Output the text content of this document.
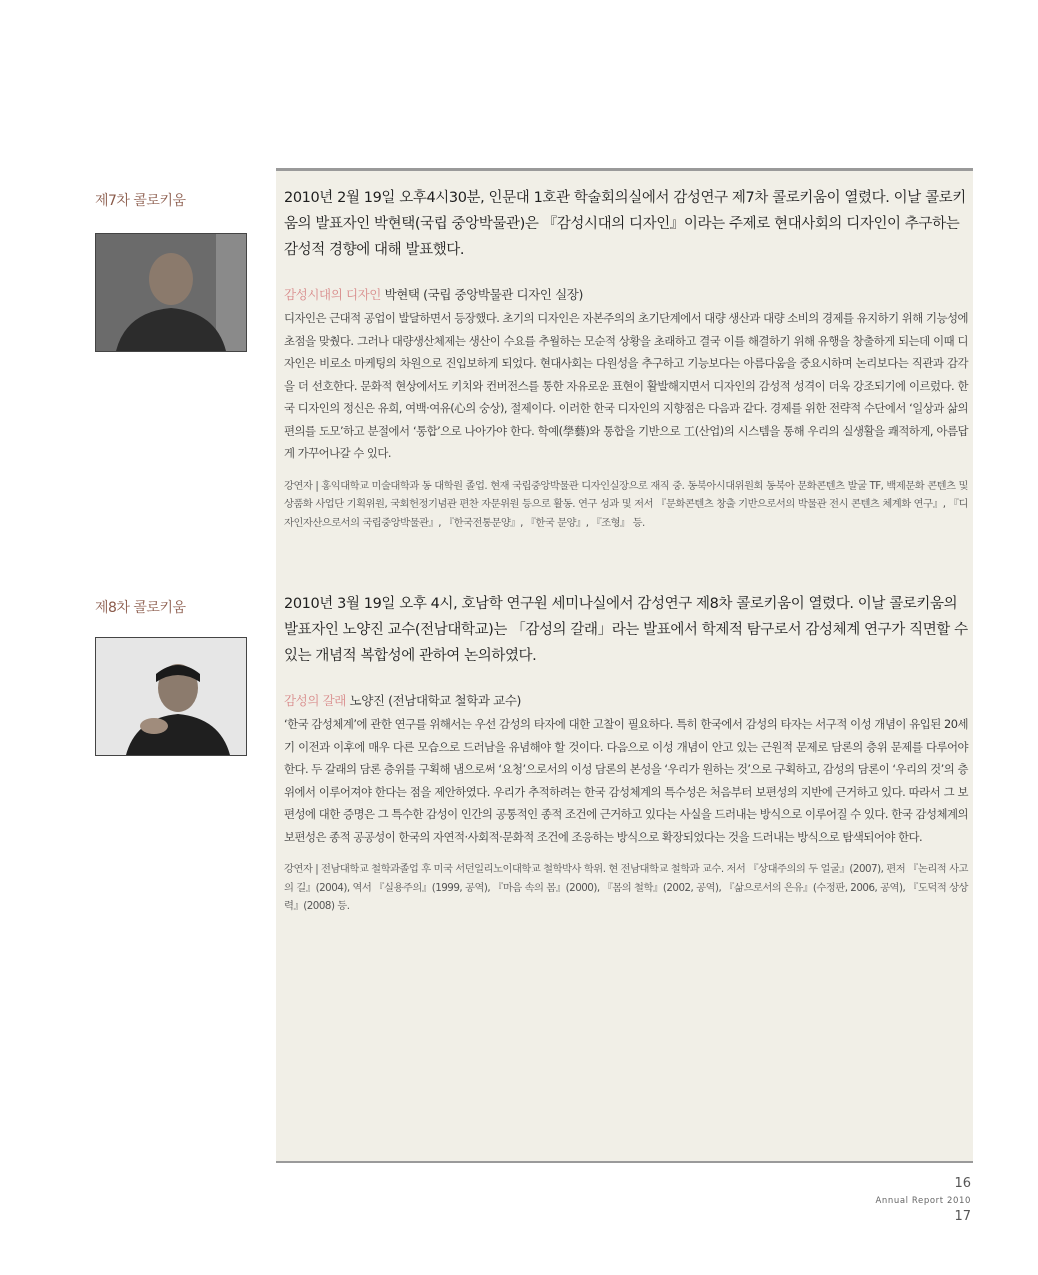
제7차 콜로키움	2010년 2월 19일 오후4시30분, 인문대 1호관 학술회의실에서 감성연구 제7차 콜로키움이 열렸다. 이날 콜로키움의 발표자인 박현택(국립 중앙박물관)은 『감성시대의 디자인』이라는 주제로 현대사회의 디자인이 추구하는 감성적 경향에 대해 발표했다.

감성시대의 디자인 박현택 (국립 중앙박물관 디자인 실장)

디자인은 근대적 공업이 발달하면서 등장했다. 초기의 디자인은 자본주의의 초기단계에서 대량 생산과 대량 소비의 경제를 유지하기 위해 기능성에 초점을 맞췄다. 그러나 대량생산체제는 생산이 수요를 추월하는 모순적 상황을 초래하고 결국 이를 해결하기 위해 유행을 창출하게 되는데 이때 디자인은 비로소 마케팅의 차원으로 진입보하게 되었다. 현대사회는 다원성을 추구하고 기능보다는 아름다움을 중요시하며 논리보다는 직관과 감각을 더 선호한다. 문화적 현상에서도 키치와 컨버전스를 통한 자유로운 표현이 활발해지면서 디자인의 감성적 성격이 더욱 강조되기에 이르렀다. 한국 디자인의 정신은 유희, 여백·여유(心의 숭상), 절제이다. 이러한 한국 디자인의 지향점은 다음과 같다. 경제를 위한 전략적 수단에서 ‘일상과 삶의 편의를 도모’하고 분절에서 ‘통합’으로 나아가야 한다. 학예(學藝)와 통합을 기반으로 工(산업)의 시스템을 통해 우리의 실생활을 쾌적하게, 아름답게 가꾸어나갈 수 있다.

강연자 | 홍익대학교 미술대학과 동 대학원 졸업. 현재 국립중앙박물관 디자인실장으로 재직 중. 동북아시대위원회 동북아 문화콘텐츠 발굴 TF, 백제문화 콘텐츠 및 상품화 사업단 기획위원, 국회헌정기념관 편찬 자문위원 등으로 활동. 연구 성과 및 저서 『문화콘텐츠 창출 기반으로서의 박물관 전시 콘텐츠 체계화 연구』, 『디자인자산으로서의 국립중앙박물관』, 『한국전통문양』, 『한국 문양』, 『조형』 등.

제8차 콜로키움	2010년 3월 19일 오후 4시, 호남학 연구원 세미나실에서 감성연구 제8차 콜로키움이 열렸다. 이날 콜로키움의 발표자인 노양진 교수(전남대학교)는 「감성의 갈래」라는 발표에서 학제적 탐구로서 감성체계 연구가 직면할 수 있는 개념적 복합성에 관하여 논의하였다.

감성의 갈래 노양진 (전남대학교 철학과 교수)

‘한국 감성체계’에 관한 연구를 위해서는 우선 감성의 타자에 대한 고찰이 필요하다. 특히 한국에서 감성의 타자는 서구적 이성 개념이 유입된 20세기 이전과 이후에 매우 다른 모습으로 드러남을 유념해야 할 것이다. 다음으로 이성 개념이 안고 있는 근원적 문제로 담론의 층위 문제를 다루어야 한다. 두 갈래의 담론 층위를 구획해 냄으로써 ‘요청’으로서의 이성 담론의 본성을 ‘우리가 원하는 것’으로 구획하고, 감성의 담론이 ‘우리의 것’의 층위에서 이루어져야 한다는 점을 제안하였다. 우리가 추적하려는 한국 감성체계의 특수성은 처음부터 보편성의 지반에 근거하고 있다. 따라서 그 보편성에 대한 증명은 그 특수한 감성이 인간의 공통적인 종적 조건에 근거하고 있다는 사실을 드러내는 방식으로 이루어질 수 있다. 한국 감성체계의 보편성은 종적 공공성이 한국의 자연적·사회적·문화적 조건에 조응하는 방식으로 확장되었다는 것을 드러내는 방식으로 탐색되어야 한다.

강연자 | 전남대학교 철학과졸업 후 미국 서던일리노이대학교 철학박사 학위. 현 전남대학교 철학과 교수. 저서 『상대주의의 두 얼굴』(2007), 편저 『논리적 사고의 길』(2004), 역서 『실용주의』(1999, 공역), 『마음 속의 몸』(2000), 『몸의 철학』(2002, 공역), 『삶으로서의 은유』(수정판, 2006, 공역), 『도덕적 상상력』(2008) 등.

16
Annual Report 2010
17
